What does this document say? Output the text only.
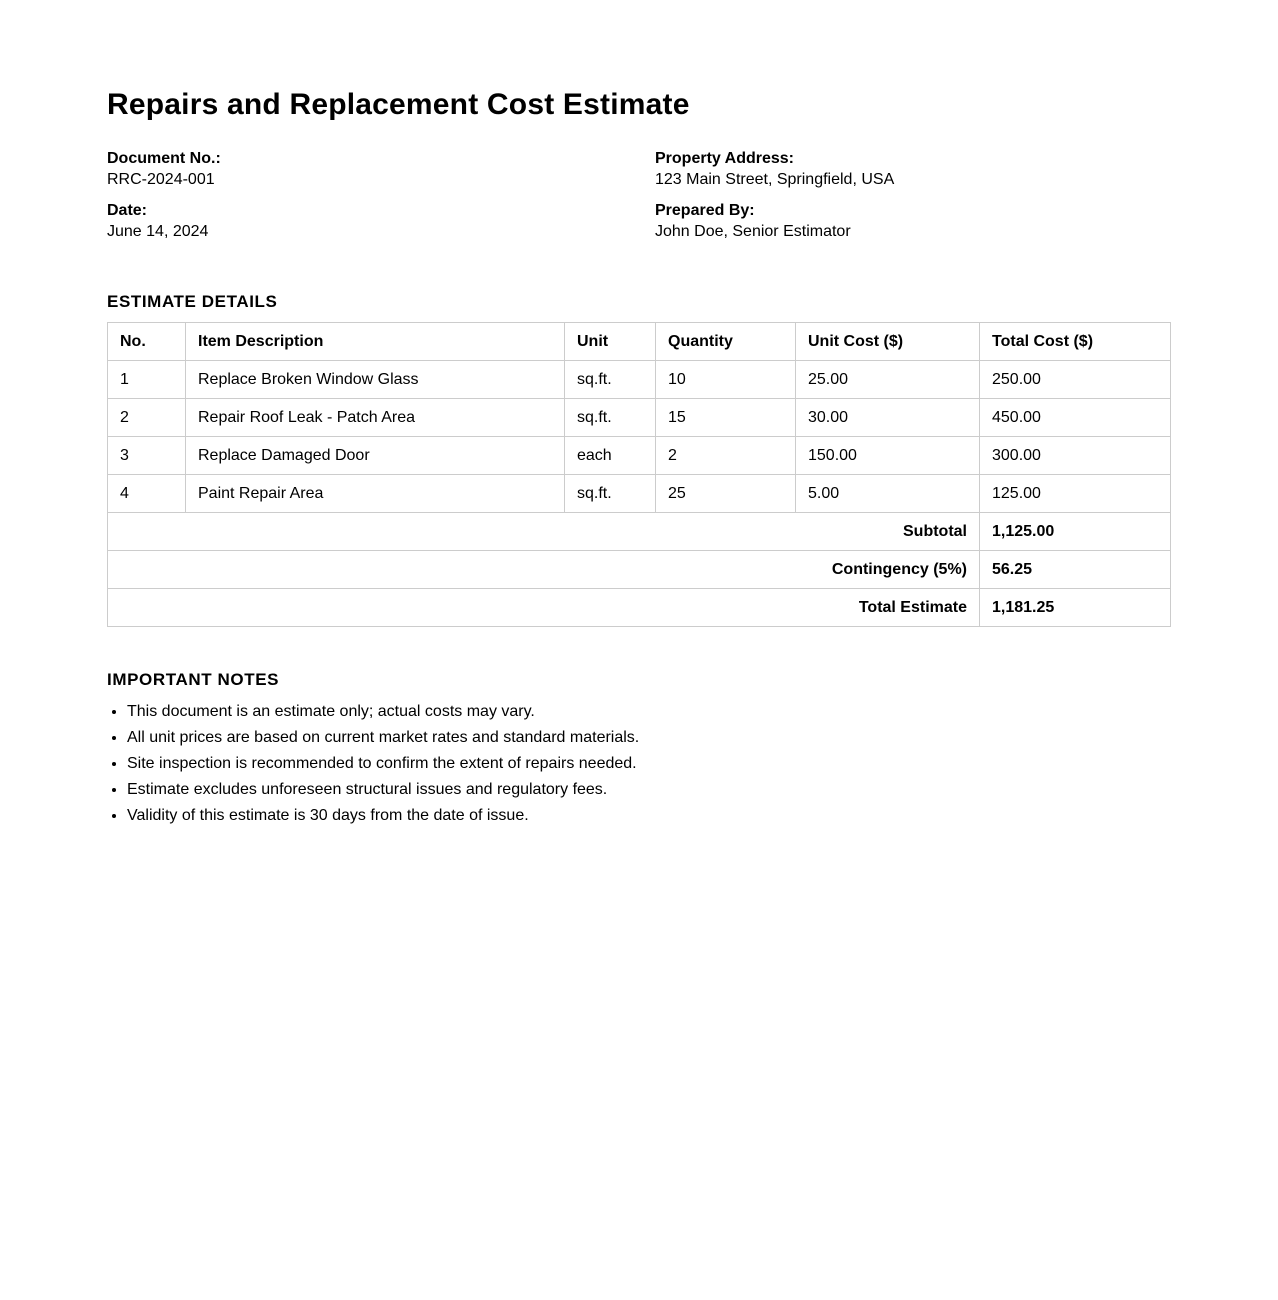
Repairs and Replacement Cost Estimate
Document No.:
RRC-2024-001
Property Address:
123 Main Street, Springfield, USA
Date:
June 14, 2024
Prepared By:
John Doe, Senior Estimator
ESTIMATE DETAILS
No.	Item Description	Unit	Quantity	Unit Cost ($)	Total Cost ($)
1	Replace Broken Window Glass	sq.ft.	10	25.00	250.00
2	Repair Roof Leak - Patch Area	sq.ft.	15	30.00	450.00
3	Replace Damaged Door	each	2	150.00	300.00
4	Paint Repair Area	sq.ft.	25	5.00	125.00
Subtotal					1,125.00
Contingency (5%)					56.25
Total Estimate					1,181.25
IMPORTANT NOTES
• This document is an estimate only; actual costs may vary.
• All unit prices are based on current market rates and standard materials.
• Site inspection is recommended to confirm the extent of repairs needed.
• Estimate excludes unforeseen structural issues and regulatory fees.
• Validity of this estimate is 30 days from the date of issue.
